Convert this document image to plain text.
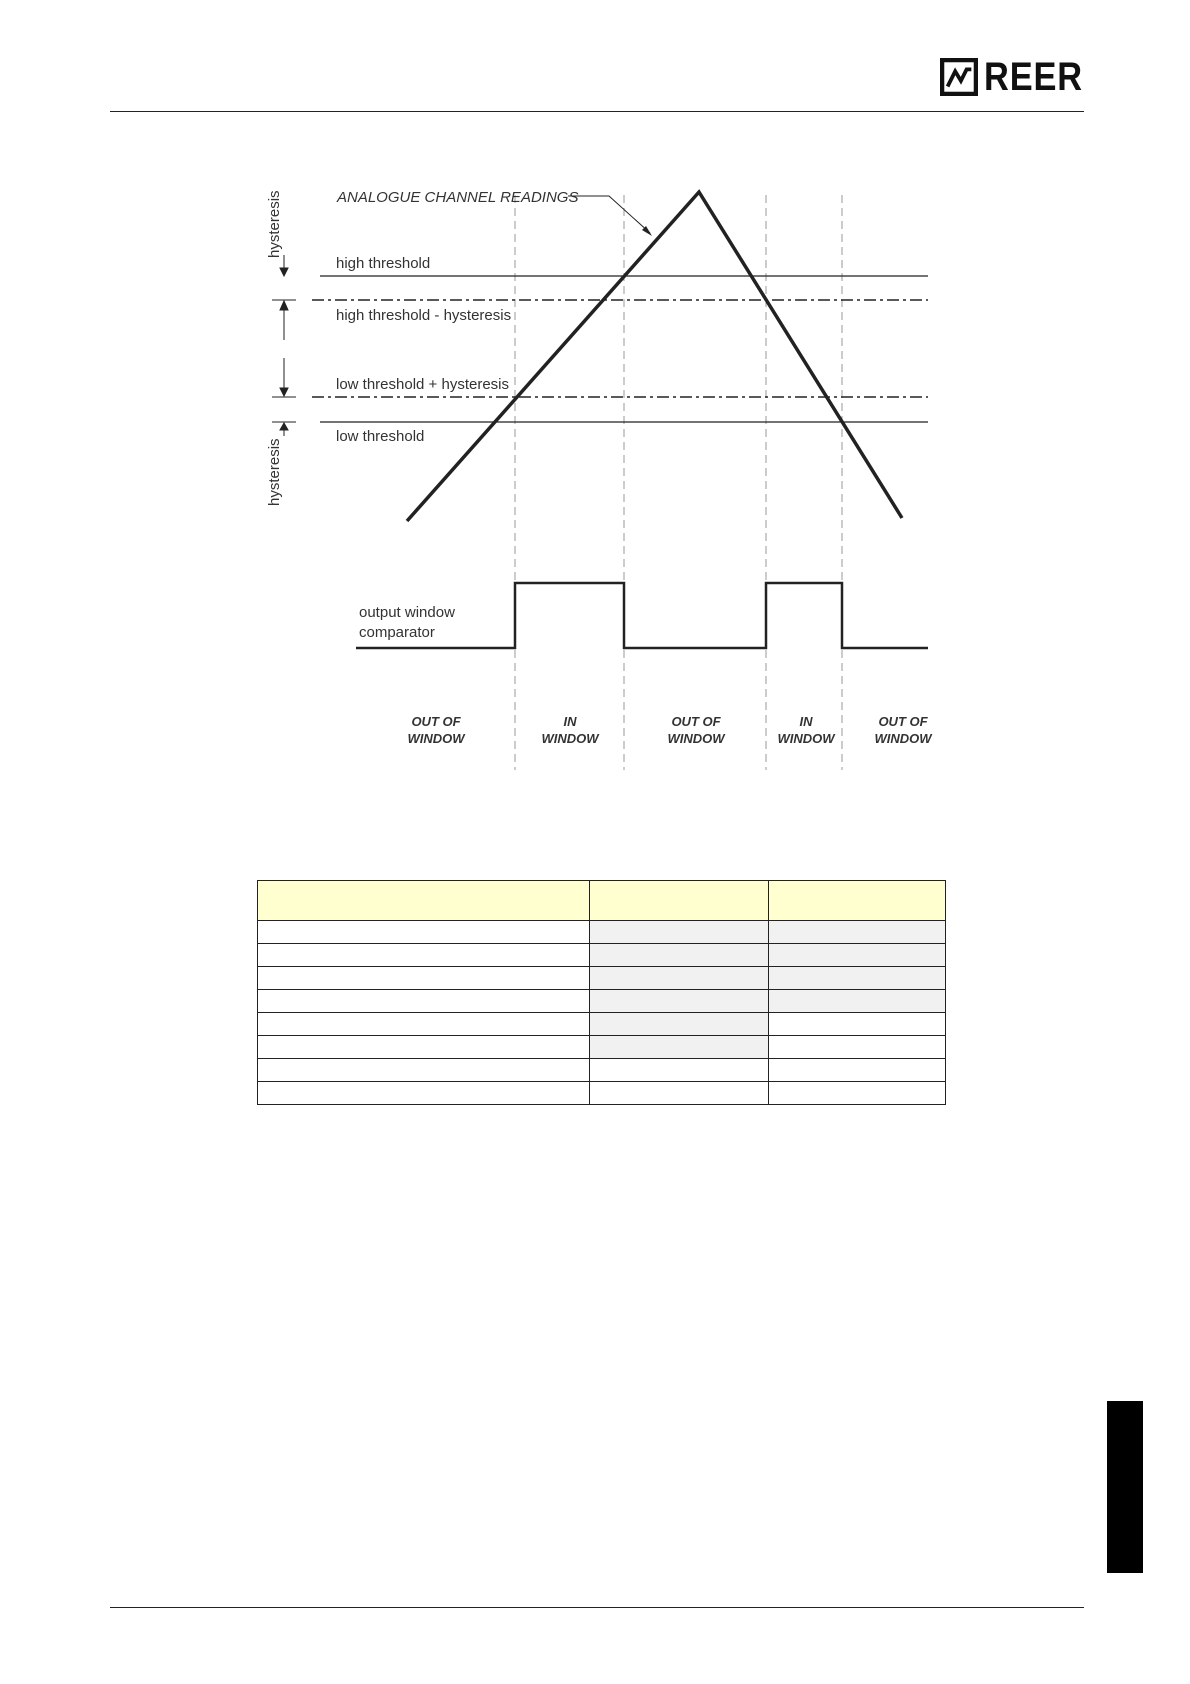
REER
hysteresis
hysteresis
high threshold
high threshold - hysteresis
low threshold + hysteresis
low threshold
ANALOGUE CHANNEL READINGS
output window
comparator
OUT OF
WINDOW
IN
WINDOW
OUT OF
WINDOW
IN
WINDOW
OUT OF
WINDOW
